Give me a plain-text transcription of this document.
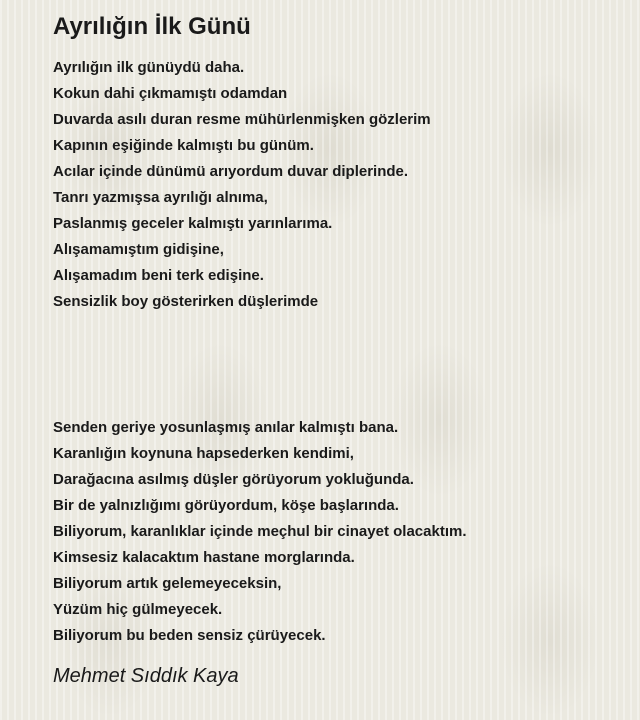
Ayrılığın İlk Günü
Ayrılığın ilk günüydü daha.
Kokun dahi çıkmamıştı odamdan
Duvarda asılı duran resme mühürlenmişken gözlerim
Kapının eşiğinde kalmıştı bu günüm.
Acılar içinde dünümü arıyordum duvar diplerinde.
Tanrı yazmışsa ayrılığı alnıma,
Paslanmış geceler kalmıştı yarınlarıma.
Alışamamıştım gidişine,
Alışamadım beni terk edişine.
Sensizlik boy gösterirken düşlerimde
Senden geriye yosunlaşmış anılar kalmıştı bana.
Karanlığın koynuna hapsederken kendimi,
Darağacına asılmış düşler görüyorum yokluğunda.
Bir de yalnızlığımı görüyordum, köşe başlarında.
Biliyorum, karanlıklar içinde meçhul bir cinayet olacaktım.
Kimsesiz kalacaktım hastane morglarında.
Biliyorum artık gelemeyeceksin,
Yüzüm hiç gülmeyecek.
Biliyorum bu beden sensiz çürüyecek.
Mehmet Sıddık Kaya
